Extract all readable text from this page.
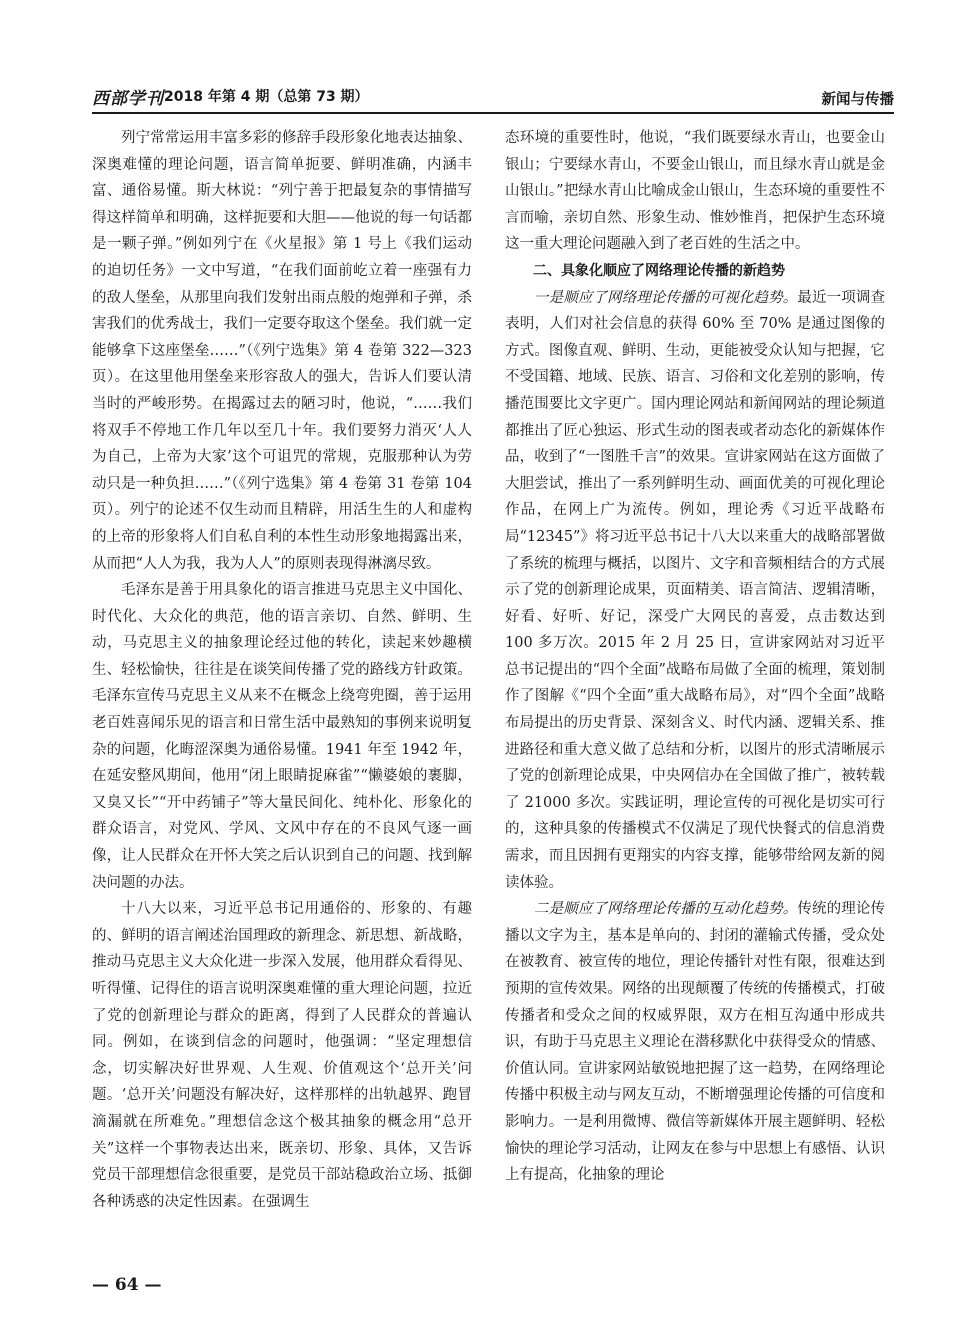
西部学刊 2018 年第 4 期（总第 73 期）	新闻与传播

列宁常常运用丰富多彩的修辞手段形象化地表达抽象、深奥难懂的理论问题，语言简单扼要、鲜明准确，内涵丰富、通俗易懂。斯大林说：“列宁善于把最复杂的事情描写得这样简单和明确，这样扼要和大胆——他说的每一句话都是一颗子弹。”例如列宁在《火星报》第 1 号上《我们运动的迫切任务》一文中写道，“在我们面前屹立着一座强有力的敌人堡垒，从那里向我们发射出雨点般的炮弹和子弹，杀害我们的优秀战士，我们一定要夺取这个堡垒。我们就一定能够拿下这座堡垒……”（《列宁选集》第 4 卷第 322—323 页）。在这里他用堡垒来形容敌人的强大，告诉人们要认清当时的严峻形势。在揭露过去的陋习时，他说，“……我们将双手不停地工作几年以至几十年。我们要努力消灭‘人人为自己，上帝为大家’这个可诅咒的常规，克服那种认为劳动只是一种负担……”（《列宁选集》第 4 卷第 31 卷第 104 页）。列宁的论述不仅生动而且精辟，用活生生的人和虚构的上帝的形象将人们自私自利的本性生动形象地揭露出来，从而把“人人为我，我为人人”的原则表现得淋漓尽致。

毛泽东是善于用具象化的语言推进马克思主义中国化、时代化、大众化的典范，他的语言亲切、自然、鲜明、生动，马克思主义的抽象理论经过他的转化，读起来妙趣横生、轻松愉快，往往是在谈笑间传播了党的路线方针政策。毛泽东宣传马克思主义从来不在概念上绕弯兜圈，善于运用老百姓喜闻乐见的语言和日常生活中最熟知的事例来说明复杂的问题，化晦涩深奥为通俗易懂。1941 年至 1942 年，在延安整风期间，他用“闭上眼睛捉麻雀”“懒婆娘的裹脚，又臭又长”“开中药铺子”等大量民间化、纯朴化、形象化的群众语言，对党风、学风、文风中存在的不良风气逐一画像，让人民群众在开怀大笑之后认识到自己的问题、找到解决问题的办法。

十八大以来，习近平总书记用通俗的、形象的、有趣的、鲜明的语言阐述治国理政的新理念、新思想、新战略，推动马克思主义大众化进一步深入发展，他用群众看得见、听得懂、记得住的语言说明深奥难懂的重大理论问题，拉近了党的创新理论与群众的距离，得到了人民群众的普遍认同。例如，在谈到信念的问题时，他强调：“坚定理想信念，切实解决好世界观、人生观、价值观这个‘总开关’问题。‘总开关’问题没有解决好，这样那样的出轨越界、跑冒滴漏就在所难免。”理想信念这个极其抽象的概念用“总开关”这样一个事物表达出来，既亲切、形象、具体，又告诉党员干部理想信念很重要，是党员干部站稳政治立场、抵御各种诱惑的决定性因素。在强调生

态环境的重要性时，他说，“我们既要绿水青山，也要金山银山；宁要绿水青山，不要金山银山，而且绿水青山就是金山银山。”把绿水青山比喻成金山银山，生态环境的重要性不言而喻，亲切自然、形象生动、惟妙惟肖，把保护生态环境这一重大理论问题融入到了老百姓的生活之中。

二、具象化顺应了网络理论传播的新趋势

一是顺应了网络理论传播的可视化趋势。最近一项调查表明，人们对社会信息的获得 60% 至 70% 是通过图像的方式。图像直观、鲜明、生动，更能被受众认知与把握，它不受国籍、地域、民族、语言、习俗和文化差别的影响，传播范围要比文字更广。国内理论网站和新闻网站的理论频道都推出了匠心独运、形式生动的图表或者动态化的新媒体作品，收到了“一图胜千言”的效果。宣讲家网站在这方面做了大胆尝试，推出了一系列鲜明生动、画面优美的可视化理论作品，在网上广为流传。例如，理论秀《习近平战略布局“12345”》将习近平总书记十八大以来重大的战略部署做了系统的梳理与概括，以图片、文字和音频相结合的方式展示了党的创新理论成果，页面精美、语言简洁、逻辑清晰，好看、好听、好记，深受广大网民的喜爱，点击数达到 100 多万次。2015 年 2 月 25 日，宣讲家网站对习近平总书记提出的“四个全面”战略布局做了全面的梳理，策划制作了图解《“四个全面”重大战略布局》，对“四个全面”战略布局提出的历史背景、深刻含义、时代内涵、逻辑关系、推进路径和重大意义做了总结和分析，以图片的形式清晰展示了党的创新理论成果，中央网信办在全国做了推广，被转载了 21000 多次。实践证明，理论宣传的可视化是切实可行的，这种具象的传播模式不仅满足了现代快餐式的信息消费需求，而且因拥有更翔实的内容支撑，能够带给网友新的阅读体验。

二是顺应了网络理论传播的互动化趋势。传统的理论传播以文字为主，基本是单向的、封闭的灌输式传播，受众处在被教育、被宣传的地位，理论传播针对性有限，很难达到预期的宣传效果。网络的出现颠覆了传统的传播模式，打破传播者和受众之间的权威界限，双方在相互沟通中形成共识，有助于马克思主义理论在潜移默化中获得受众的情感、价值认同。宣讲家网站敏锐地把握了这一趋势，在网络理论传播中积极主动与网友互动，不断增强理论传播的可信度和影响力。一是利用微博、微信等新媒体开展主题鲜明、轻松愉快的理论学习活动，让网友在参与中思想上有感悟、认识上有提高，化抽象的理论

— 64 —
